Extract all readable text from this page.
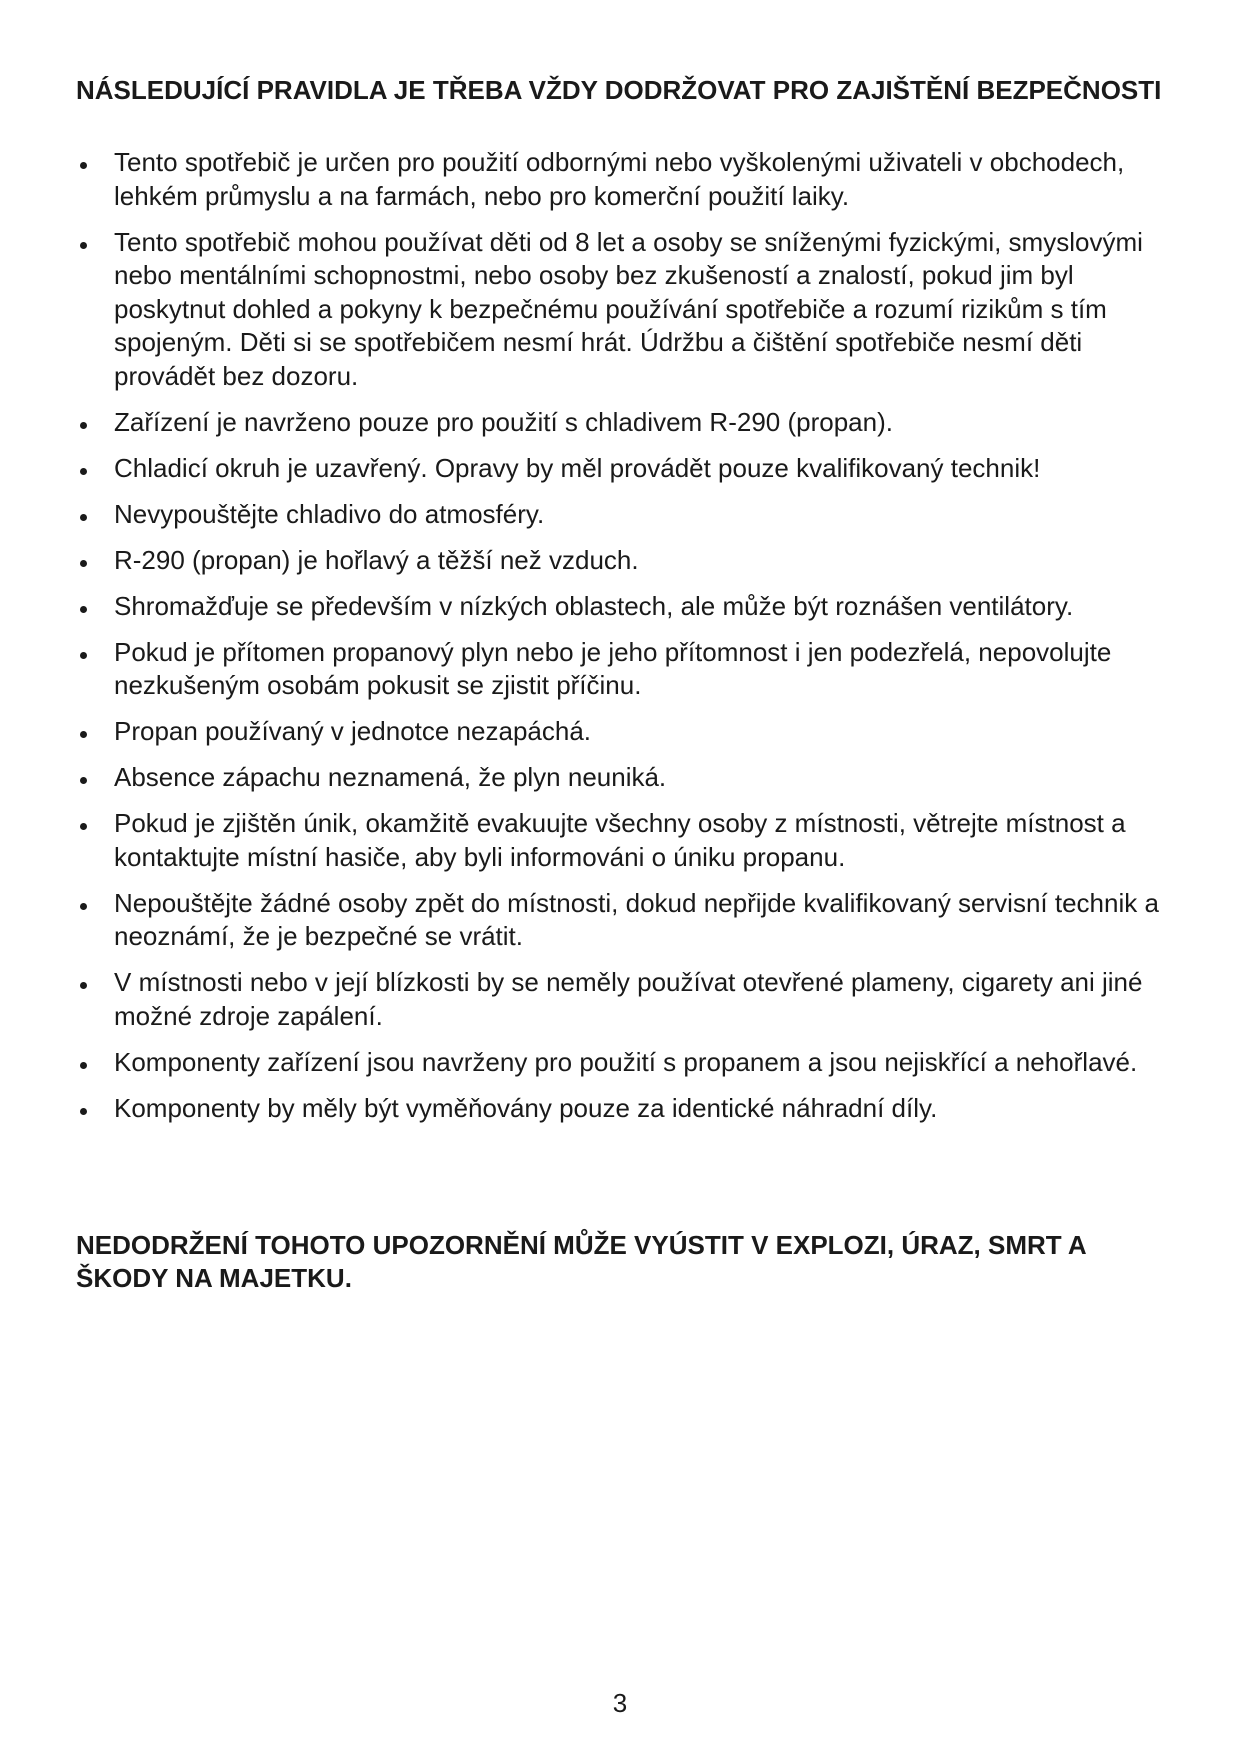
NÁSLEDUJÍCÍ PRAVIDLA JE TŘEBA VŽDY DODRŽOVAT PRO ZAJIŠTĚNÍ BEZPEČNOSTI
Tento spotřebič je určen pro použití odbornými nebo vyškolenými uživateli v obchodech, lehkém průmyslu a na farmách, nebo pro komerční použití laiky.
Tento spotřebič mohou používat děti od 8 let a osoby se sníženými fyzickými, smyslovými nebo mentálními schopnostmi, nebo osoby bez zkušeností a znalostí, pokud jim byl poskytnut dohled a pokyny k bezpečnému používání spotřebiče a rozumí rizikům s tím spojeným. Děti si se spotřebičem nesmí hrát. Údržbu a čištění spotřebiče nesmí děti provádět bez dozoru.
Zařízení je navrženo pouze pro použití s chladivem R-290 (propan).
Chladicí okruh je uzavřený. Opravy by měl provádět pouze kvalifikovaný technik!
Nevypouštějte chladivo do atmosféry.
R-290 (propan) je hořlavý a těžší než vzduch.
Shromažďuje se především v nízkých oblastech, ale může být roznášen ventilátory.
Pokud je přítomen propanový plyn nebo je jeho přítomnost i jen podezřelá, nepovolujte nezkušeným osobám pokusit se zjistit příčinu.
Propan používaný v jednotce nezapáchá.
Absence zápachu neznamená, že plyn neuniká.
Pokud je zjištěn únik, okamžitě evakuujte všechny osoby z místnosti, větrejte místnost a kontaktujte místní hasiče, aby byli informováni o úniku propanu.
Nepouštějte žádné osoby zpět do místnosti, dokud nepřijde kvalifikovaný servisní technik a neoznámí, že je bezpečné se vrátit.
V místnosti nebo v její blízkosti by se neměly používat otevřené plameny, cigarety ani jiné možné zdroje zapálení.
Komponenty zařízení jsou navrženy pro použití s propanem a jsou nejiskřící a nehořlavé.
Komponenty by měly být vyměňovány pouze za identické náhradní díly.
NEDODRŽENÍ TOHOTO UPOZORNĚNÍ MŮŽE VYÚSTIT V EXPLOZI, ÚRAZ, SMRT A ŠKODY NA MAJETKU.
3
